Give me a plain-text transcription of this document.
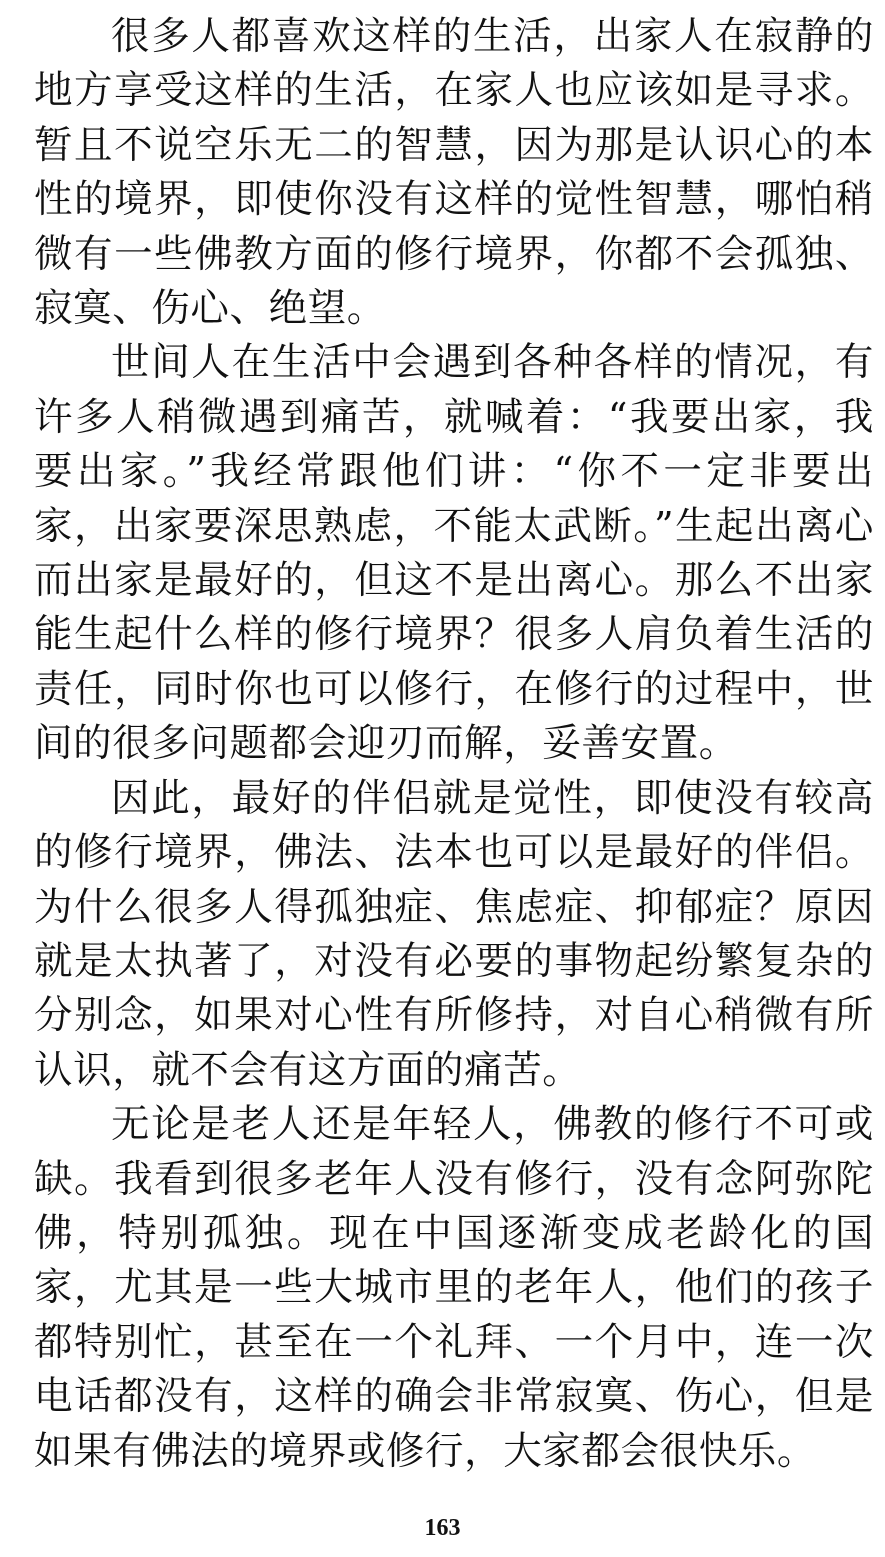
很多人都喜欢这样的生活，出家人在寂静的地方享受这样的生活，在家人也应该如是寻求。暂且不说空乐无二的智慧，因为那是认识心的本性的境界，即使你没有这样的觉性智慧，哪怕稍微有一些佛教方面的修行境界，你都不会孤独、寂寞、伤心、绝望。

世间人在生活中会遇到各种各样的情况，有许多人稍微遇到痛苦，就喊着：“我要出家，我要出家。”我经常跟他们讲：“你不一定非要出家，出家要深思熟虑，不能太武断。”生起出离心而出家是最好的，但这不是出离心。那么不出家能生起什么样的修行境界？很多人肩负着生活的责任，同时你也可以修行，在修行的过程中，世间的很多问题都会迎刃而解，妥善安置。

因此，最好的伴侣就是觉性，即使没有较高的修行境界，佛法、法本也可以是最好的伴侣。为什么很多人得孤独症、焦虑症、抑郁症？原因就是太执著了，对没有必要的事物起纷繁复杂的分别念，如果对心性有所修持，对自心稍微有所认识，就不会有这方面的痛苦。

无论是老人还是年轻人，佛教的修行不可或缺。我看到很多老年人没有修行，没有念阿弥陀佛，特别孤独。现在中国逐渐变成老龄化的国家，尤其是一些大城市里的老年人，他们的孩子都特别忙，甚至在一个礼拜、一个月中，连一次电话都没有，这样的确会非常寂寞、伤心，但是如果有佛法的境界或修行，大家都会很快乐。

163
